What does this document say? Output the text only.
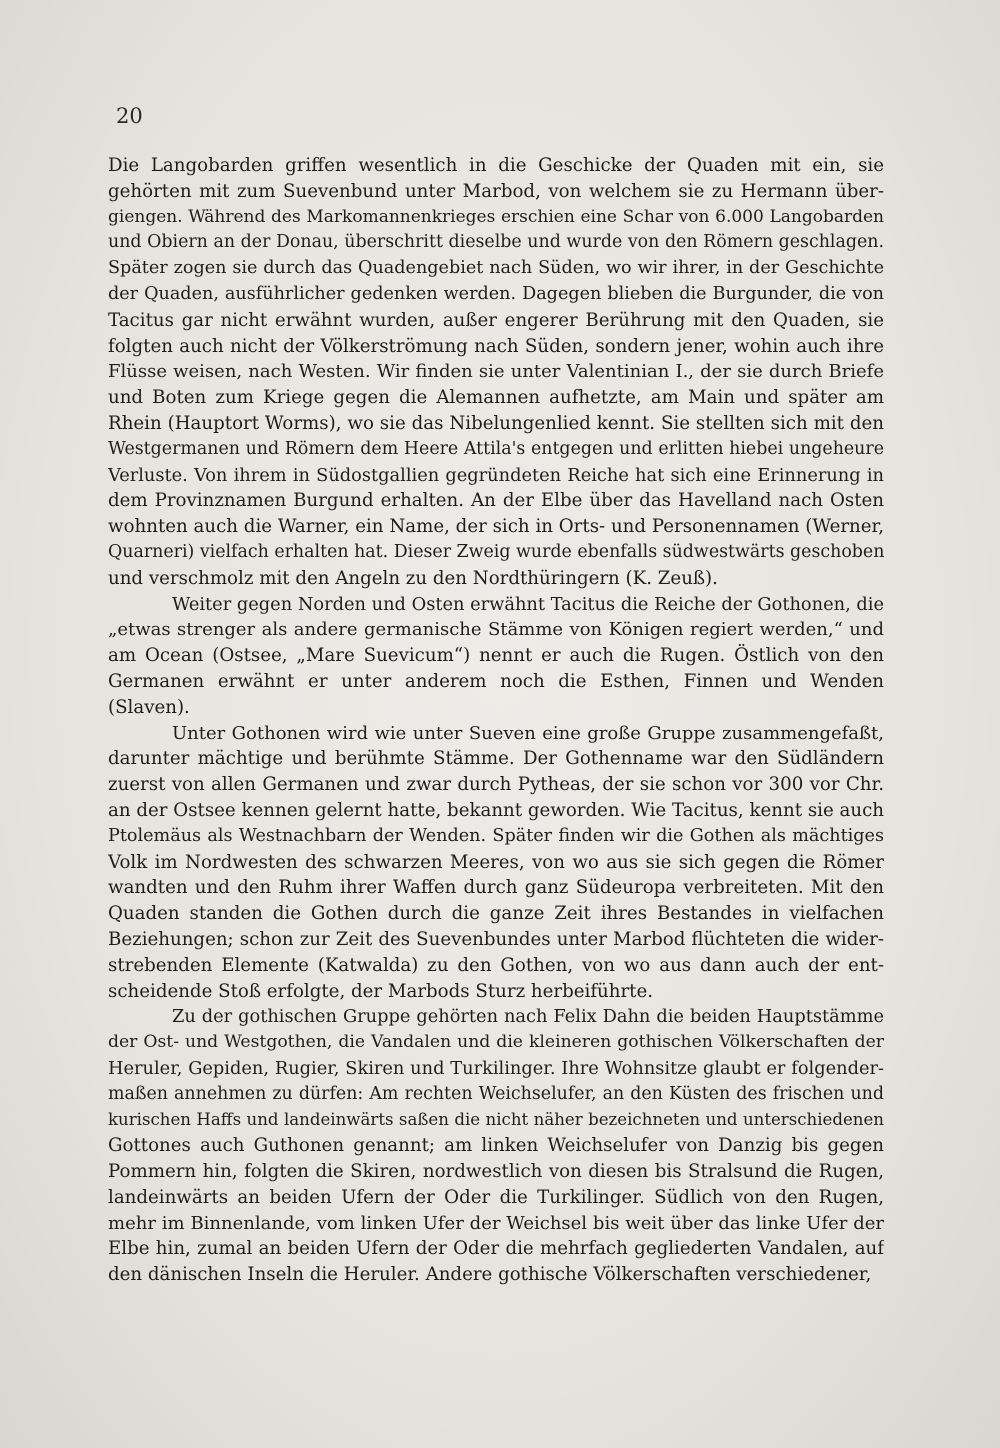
20

Die Langobarden griffen wesentlich in die Geschicke der Quaden mit ein, sie
gehörten mit zum Suevenbund unter Marbod, von welchem sie zu Hermann über-
giengen. Während des Markomannenkrieges erschien eine Schar von 6.000 Langobarden
und Obiern an der Donau, überschritt dieselbe und wurde von den Römern geschlagen.
Später zogen sie durch das Quadengebiet nach Süden, wo wir ihrer, in der Geschichte
der Quaden, ausführlicher gedenken werden. Dagegen blieben die Burgunder, die von
Tacitus gar nicht erwähnt wurden, außer engerer Berührung mit den Quaden, sie
folgten auch nicht der Völkerströmung nach Süden, sondern jener, wohin auch ihre
Flüsse weisen, nach Westen. Wir finden sie unter Valentinian I., der sie durch Briefe
und Boten zum Kriege gegen die Alemannen aufhetzte, am Main und später am
Rhein (Hauptort Worms), wo sie das Nibelungenlied kennt. Sie stellten sich mit den
Westgermanen und Römern dem Heere Attila's entgegen und erlitten hiebei ungeheure
Verluste. Von ihrem in Südostgallien gegründeten Reiche hat sich eine Erinnerung in
dem Provinznamen Burgund erhalten. An der Elbe über das Havelland nach Osten
wohnten auch die Warner, ein Name, der sich in Orts- und Personennamen (Werner,
Quarneri) vielfach erhalten hat. Dieser Zweig wurde ebenfalls südwestwärts geschoben
und verschmolz mit den Angeln zu den Nordthüringern (K. Zeuß).

Weiter gegen Norden und Osten erwähnt Tacitus die Reiche der Gothonen, die
„etwas strenger als andere germanische Stämme von Königen regiert werden,“ und
am Ocean (Ostsee, „Mare Suevicum“) nennt er auch die Rugen. Östlich von den
Germanen erwähnt er unter anderem noch die Esthen, Finnen und Wenden
(Slaven).

Unter Gothonen wird wie unter Sueven eine große Gruppe zusammengefaßt,
darunter mächtige und berühmte Stämme. Der Gothenname war den Südländern
zuerst von allen Germanen und zwar durch Pytheas, der sie schon vor 300 vor Chr.
an der Ostsee kennen gelernt hatte, bekannt geworden. Wie Tacitus, kennt sie auch
Ptolemäus als Westnachbarn der Wenden. Später finden wir die Gothen als mächtiges
Volk im Nordwesten des schwarzen Meeres, von wo aus sie sich gegen die Römer
wandten und den Ruhm ihrer Waffen durch ganz Südeuropa verbreiteten. Mit den
Quaden standen die Gothen durch die ganze Zeit ihres Bestandes in vielfachen
Beziehungen; schon zur Zeit des Suevenbundes unter Marbod flüchteten die wider-
strebenden Elemente (Katwalda) zu den Gothen, von wo aus dann auch der ent-
scheidende Stoß erfolgte, der Marbods Sturz herbeiführte.

Zu der gothischen Gruppe gehörten nach Felix Dahn die beiden Hauptstämme
der Ost- und Westgothen, die Vandalen und die kleineren gothischen Völkerschaften der
Heruler, Gepiden, Rugier, Skiren und Turkilinger. Ihre Wohnsitze glaubt er folgender-
maßen annehmen zu dürfen: Am rechten Weichselufer, an den Küsten des frischen und
kurischen Haffs und landeinwärts saßen die nicht näher bezeichneten und unterschiedenen
Gottones auch Guthonen genannt; am linken Weichselufer von Danzig bis gegen
Pommern hin, folgten die Skiren, nordwestlich von diesen bis Stralsund die Rugen,
landeinwärts an beiden Ufern der Oder die Turkilinger. Südlich von den Rugen,
mehr im Binnenlande, vom linken Ufer der Weichsel bis weit über das linke Ufer der
Elbe hin, zumal an beiden Ufern der Oder die mehrfach gegliederten Vandalen, auf
den dänischen Inseln die Heruler. Andere gothische Völkerschaften verschiedener,
